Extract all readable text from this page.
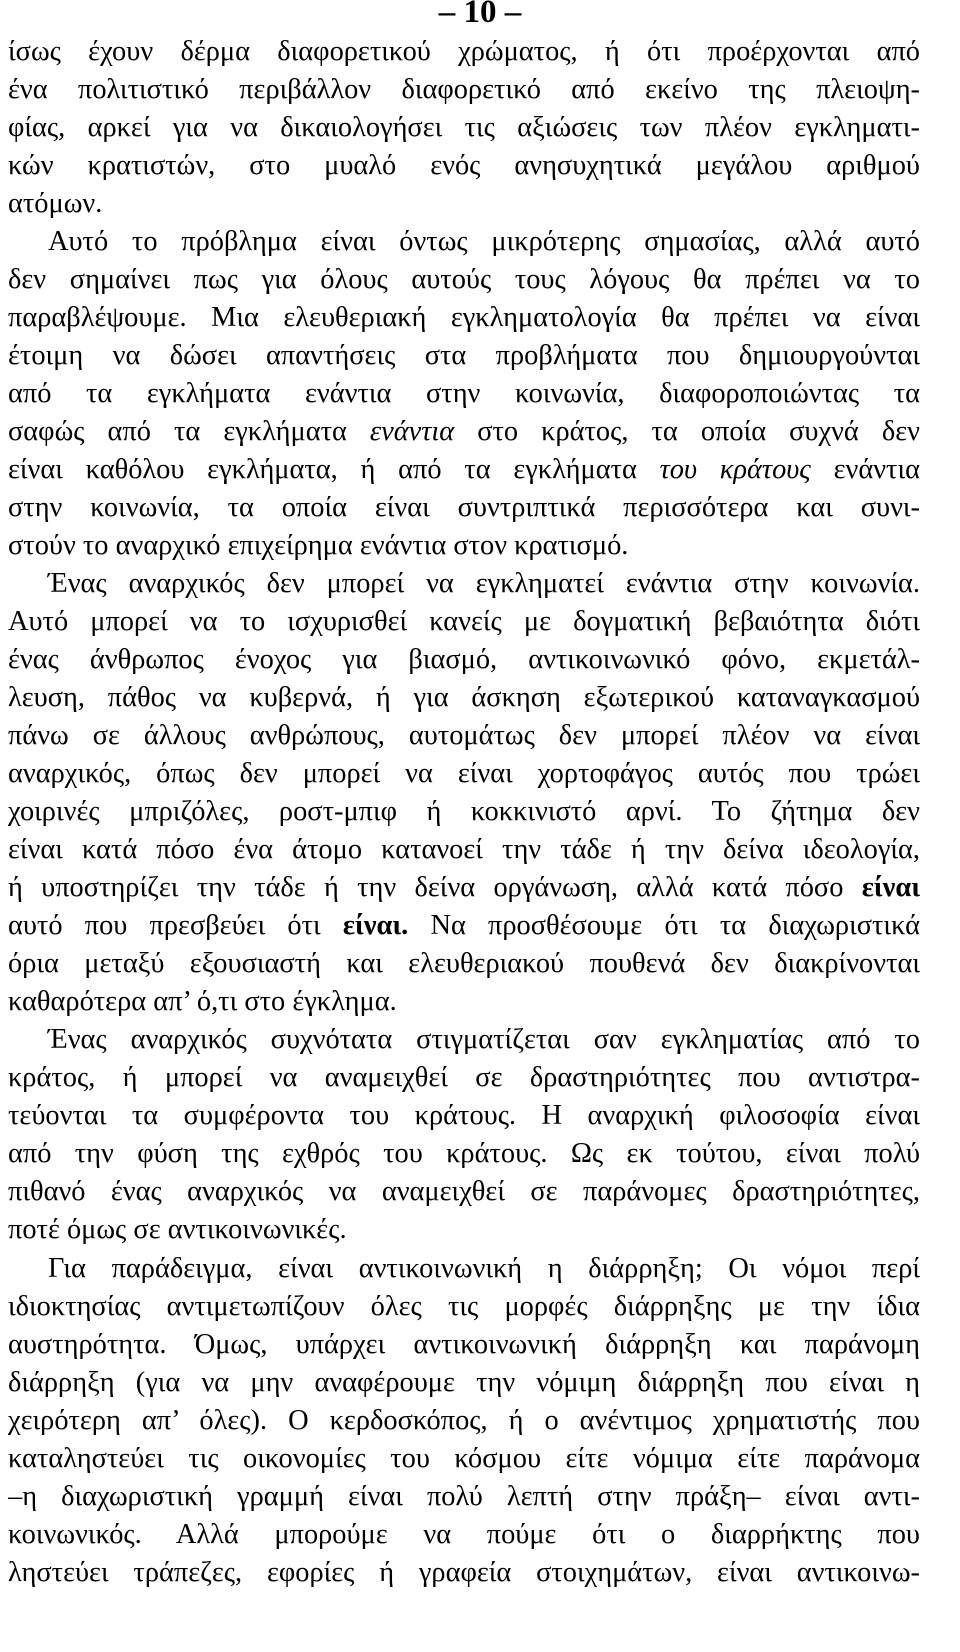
– 10 –
ίσως έχουν δέρμα διαφορετικού χρώματος, ή ότι προέρχονται από
ένα πολιτιστικό περιβάλλον διαφορετικό από εκείνο της πλειοψη-
φίας, αρκεί για να δικαιολογήσει τις αξιώσεις των πλέον εγκληματι-
κών κρατιστών, στο μυαλό ενός ανησυχητικά μεγάλου αριθμού
ατόμων.
Αυτό το πρόβλημα είναι όντως μικρότερης σημασίας, αλλά αυτό
δεν σημαίνει πως για όλους αυτούς τους λόγους θα πρέπει να το
παραβλέψουμε. Μια ελευθεριακή εγκληματολογία θα πρέπει να είναι
έτοιμη να δώσει απαντήσεις στα προβλήματα που δημιουργούνται
από τα εγκλήματα ενάντια στην κοινωνία, διαφοροποιώντας τα
σαφώς από τα εγκλήματα ενάντια στο κράτος, τα οποία συχνά δεν
είναι καθόλου εγκλήματα, ή από τα εγκλήματα του κράτους ενάντια
στην κοινωνία, τα οποία είναι συντριπτικά περισσότερα και συνι-
στούν το αναρχικό επιχείρημα ενάντια στον κρατισμό.
Ένας αναρχικός δεν μπορεί να εγκληματεί ενάντια στην κοινωνία.
Αυτό μπορεί να το ισχυρισθεί κανείς με δογματική βεβαιότητα διότι
ένας άνθρωπος ένοχος για βιασμό, αντικοινωνικό φόνο, εκμετάλ-
λευση, πάθος να κυβερνά, ή για άσκηση εξωτερικού καταναγκασμού
πάνω σε άλλους ανθρώπους, αυτομάτως δεν μπορεί πλέον να είναι
αναρχικός, όπως δεν μπορεί να είναι χορτοφάγος αυτός που τρώει
χοιρινές μπριζόλες, ροστ-μπιφ ή κοκκινιστό αρνί. Το ζήτημα δεν
είναι κατά πόσο ένα άτομο κατανοεί την τάδε ή την δείνα ιδεολογία,
ή υποστηρίζει την τάδε ή την δείνα οργάνωση, αλλά κατά πόσο είναι
αυτό που πρεσβεύει ότι είναι. Να προσθέσουμε ότι τα διαχωριστικά
όρια μεταξύ εξουσιαστή και ελευθεριακού πουθενά δεν διακρίνονται
καθαρότερα απ’ ό,τι στο έγκλημα.
Ένας αναρχικός συχνότατα στιγματίζεται σαν εγκληματίας από το
κράτος, ή μπορεί να αναμειχθεί σε δραστηριότητες που αντιστρα-
τεύονται τα συμφέροντα του κράτους. Η αναρχική φιλοσοφία είναι
από την φύση της εχθρός του κράτους. Ως εκ τούτου, είναι πολύ
πιθανό ένας αναρχικός να αναμειχθεί σε παράνομες δραστηριότητες,
ποτέ όμως σε αντικοινωνικές.
Για παράδειγμα, είναι αντικοινωνική η διάρρηξη; Οι νόμοι περί
ιδιοκτησίας αντιμετωπίζουν όλες τις μορφές διάρρηξης με την ίδια
αυστηρότητα. Όμως, υπάρχει αντικοινωνική διάρρηξη και παράνομη
διάρρηξη (για να μην αναφέρουμε την νόμιμη διάρρηξη που είναι η
χειρότερη απ’ όλες). Ο κερδοσκόπος, ή ο ανέντιμος χρηματιστής που
καταληστεύει τις οικονομίες του κόσμου είτε νόμιμα είτε παράνομα
–η διαχωριστική γραμμή είναι πολύ λεπτή στην πράξη– είναι αντι-
κοινωνικός. Αλλά μπορούμε να πούμε ότι ο διαρρήκτης που
ληστεύει τράπεζες, εφορίες ή γραφεία στοιχημάτων, είναι αντικοινω-
